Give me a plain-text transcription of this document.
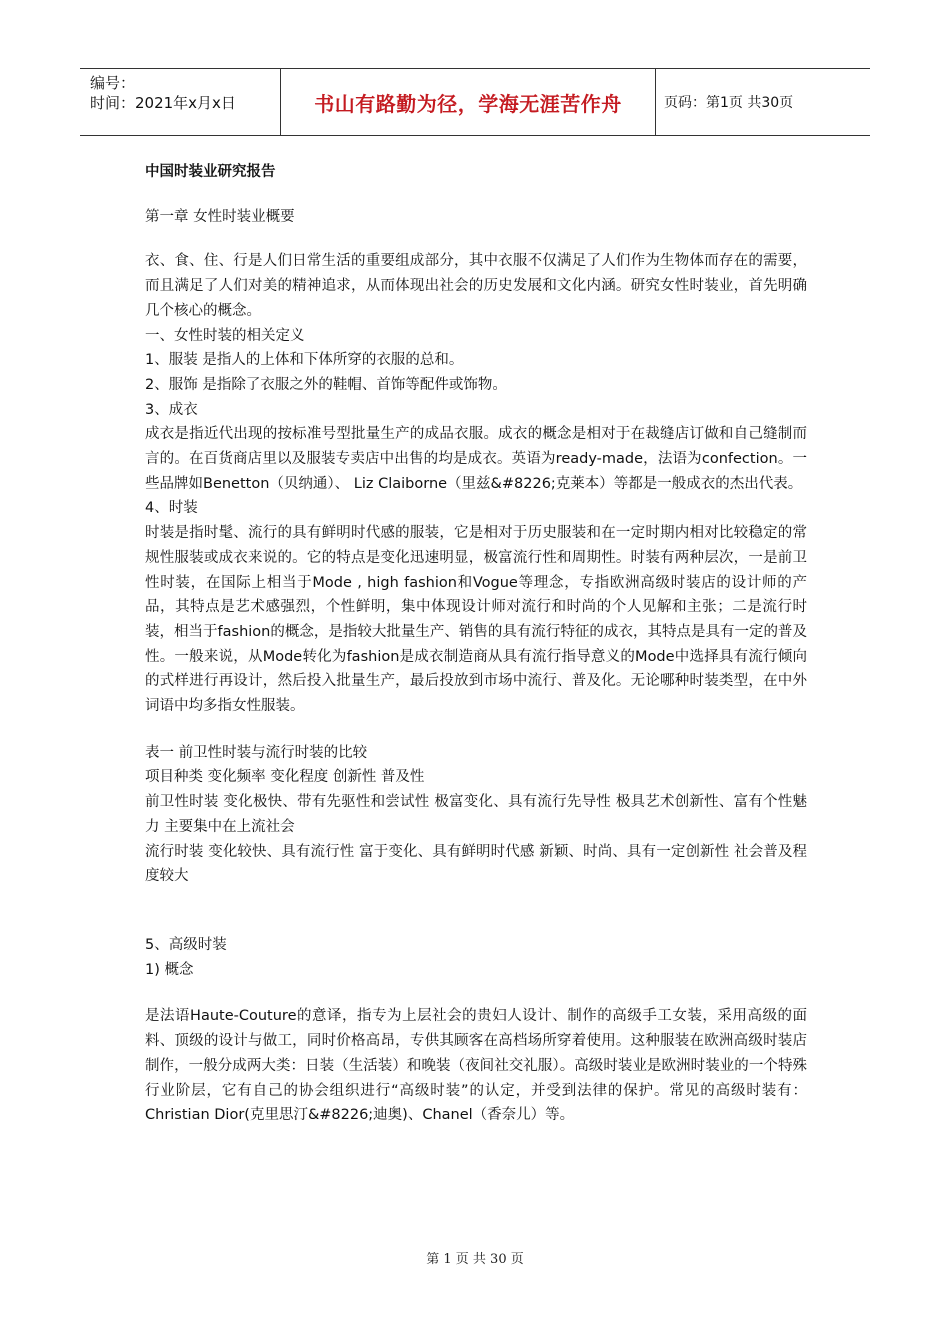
编号：
时间：2021年x月x日	书山有路勤为径，学海无涯苦作舟	页码：第1页 共30页

中国时装业研究报告

第一章 女性时装业概要

衣、食、住、行是人们日常生活的重要组成部分，其中衣服不仅满足了人们作为生物体而存在的需要，而且满足了人们对美的精神追求，从而体现出社会的历史发展和文化内涵。研究女性时装业，首先明确几个核心的概念。

一、女性时装的相关定义

1、服装 是指人的上体和下体所穿的衣服的总和。

2、服饰 是指除了衣服之外的鞋帽、首饰等配件或饰物。

3、成衣

成衣是指近代出现的按标准号型批量生产的成品衣服。成衣的概念是相对于在裁缝店订做和自己缝制而言的。在百货商店里以及服装专卖店中出售的均是成衣。英语为ready-made，法语为confection。一些品牌如Benetton（贝纳通）、 Liz Claiborne（里兹&#8226;克莱本）等都是一般成衣的杰出代表。

4、时装

时装是指时髦、流行的具有鲜明时代感的服装，它是相对于历史服装和在一定时期内相对比较稳定的常规性服装或成衣来说的。它的特点是变化迅速明显，极富流行性和周期性。时装有两种层次，一是前卫性时装，在国际上相当于Mode , high fashion和Vogue等理念，专指欧洲高级时装店的设计师的产品，其特点是艺术感强烈，个性鲜明，集中体现设计师对流行和时尚的个人见解和主张；二是流行时装，相当于fashion的概念，是指较大批量生产、销售的具有流行特征的成衣，其特点是具有一定的普及性。一般来说，从Mode转化为fashion是成衣制造商从具有流行指导意义的Mode中选择具有流行倾向的式样进行再设计，然后投入批量生产，最后投放到市场中流行、普及化。无论哪种时装类型，在中外词语中均多指女性服装。

表一 前卫性时装与流行时装的比较

项目种类 变化频率 变化程度 创新性 普及性

前卫性时装 变化极快、带有先驱性和尝试性 极富变化、具有流行先导性 极具艺术创新性、富有个性魅力 主要集中在上流社会

流行时装 变化较快、具有流行性 富于变化、具有鲜明时代感 新颖、时尚、具有一定创新性 社会普及程度较大

5、高级时装

1) 概念

是法语Haute-Couture的意译，指专为上层社会的贵妇人设计、制作的高级手工女装，采用高级的面料、顶级的设计与做工，同时价格高昂，专供其顾客在高档场所穿着使用。这种服装在欧洲高级时装店制作，一般分成两大类：日装（生活装）和晚装（夜间社交礼服）。高级时装业是欧洲时装业的一个特殊行业阶层，它有自己的协会组织进行“高级时装”的认定，并受到法律的保护。常见的高级时装有：Christian Dior(克里思汀&#8226;迪奥)、Chanel（香奈儿）等。

第 1 页 共 30 页
